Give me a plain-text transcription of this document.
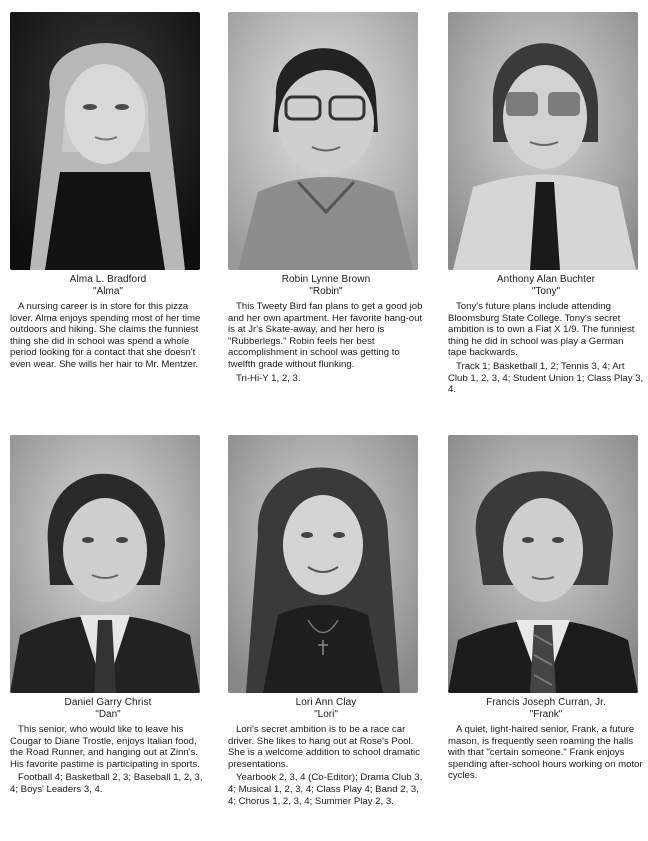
Alma L. Bradford
"Alma"

A nursing career is in store for this pizza lover. Alma enjoys spending most of her time outdoors and hiking. She claims the funniest thing she did in school was spend a whole period looking for a contact that she doesn't even wear. She wills her hair to Mr. Mentzer.

Robin Lynne Brown
"Robin"

This Tweety Bird fan plans to get a good job and her own apartment. Her favorite hang-out is at Jr's Skate-away, and her hero is "Rubberlegs." Robin feels her best accomplishment in school was getting to twelfth grade without flunking.

Tri-Hi-Y 1, 2, 3.

Anthony Alan Buchter
"Tony"

Tony's future plans include attending Bloomsburg State College. Tony's secret ambition is to own a Fiat X 1/9. The funniest thing he did in school was play a German tape backwards.

Track 1; Basketball 1, 2; Tennis 3, 4; Art Club 1, 2, 3, 4; Student Union 1; Class Play 3, 4.

Daniel Garry Christ
"Dan"

This senior, who would like to leave his Cougar to Diane Trostle, enjoys Italian food, the Road Runner, and hanging out at Zinn's. His favorite pastime is participating in sports.

Football 4; Basketball 2, 3; Baseball 1, 2, 3, 4; Boys' Leaders 3, 4.

Lori Ann Clay
"Lori"

Lori's secret ambition is to be a race car driver. She likes to hang out at Rose's Pool. She is a welcome addition to school dramatic presentations.

Yearbook 2, 3, 4 (Co-Editor); Drama Club 3, 4; Musical 1, 2, 3, 4; Class Play 4; Band 2, 3, 4; Chorus 1, 2, 3, 4; Summer Play 2, 3.

Francis Joseph Curran, Jr.
"Frank"

A quiet, light-haired senior, Frank, a future mason, is frequently seen roaming the halls with that "certain someone." Frank enjoys spending after-school hours working on motor cycles.
